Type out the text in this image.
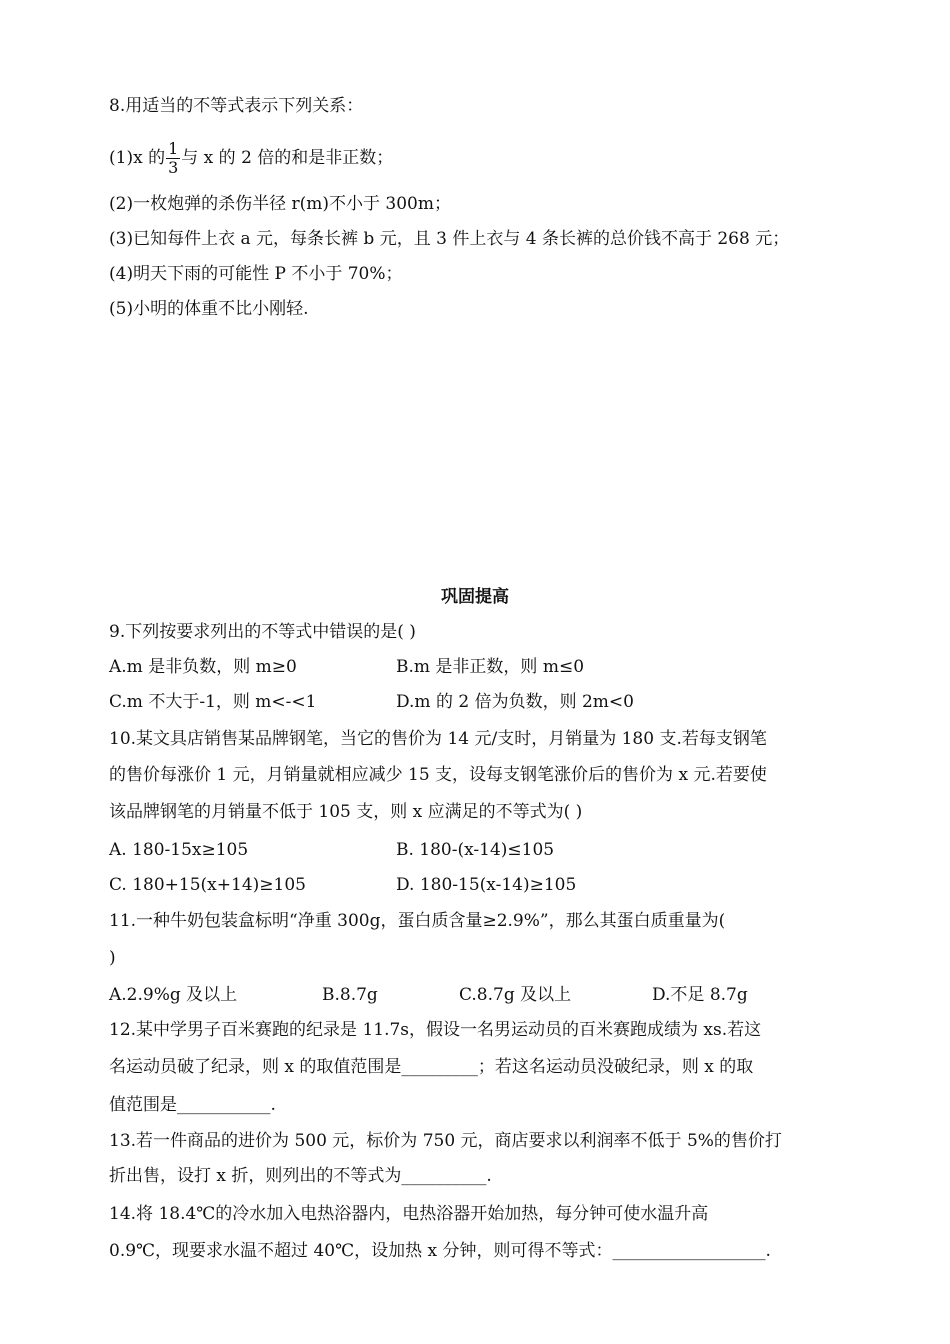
8.用适当的不等式表示下列关系：
(1)x 的 $\frac{1}{3}$ 与 x 的 2 倍的和是非正数；
(2)一枚炮弹的杀伤半径 r(m)不小于 300m；
(3)已知每件上衣 a 元，每条长裤 b 元，且 3 件上衣与 4 条长裤的总价钱不高于 268 元；
(4)明天下雨的可能性 P 不小于 70%；
(5)小明的体重不比小刚轻.
巩固提高
9.下列按要求列出的不等式中错误的是( )
A.m 是非负数，则 m≥0	B.m 是非正数，则 m≤0
C.m 不大于-1，则 m<-<1	D.m 的 2 倍为负数，则 2m<0
10.某文具店销售某品牌钢笔，当它的售价为 14 元/支时，月销量为 180 支.若每支钢笔
的售价每涨价 1 元，月销量就相应减少 15 支，设每支钢笔涨价后的售价为 x 元.若要使
该品牌钢笔的月销量不低于 105 支，则 x 应满足的不等式为( )
A. 180-15x≥105	B. 180-(x-14)≤105
C. 180+15(x+14)≥105	D. 180-15(x-14)≥105
11.一种牛奶包装盒标明“净重 300g，蛋白质含量≥2.9%”，那么其蛋白质重量为(
)
A.2.9%g 及以上	B.8.7g	C.8.7g 及以上	D.不足 8.7g
12.某中学男子百米赛跑的纪录是 11.7s，假设一名男运动员的百米赛跑成绩为 xs.若这
名运动员破了纪录，则 x 的取值范围是_________；若这名运动员没破纪录，则 x 的取
值范围是___________.
13.若一件商品的进价为 500 元，标价为 750 元，商店要求以利润率不低于 5%的售价打
折出售，设打 x 折，则列出的不等式为__________.
14.将 18.4℃的冷水加入电热浴器内，电热浴器开始加热，每分钟可使水温升高
0.9℃，现要求水温不超过 40℃，设加热 x 分钟，则可得不等式：__________________.
